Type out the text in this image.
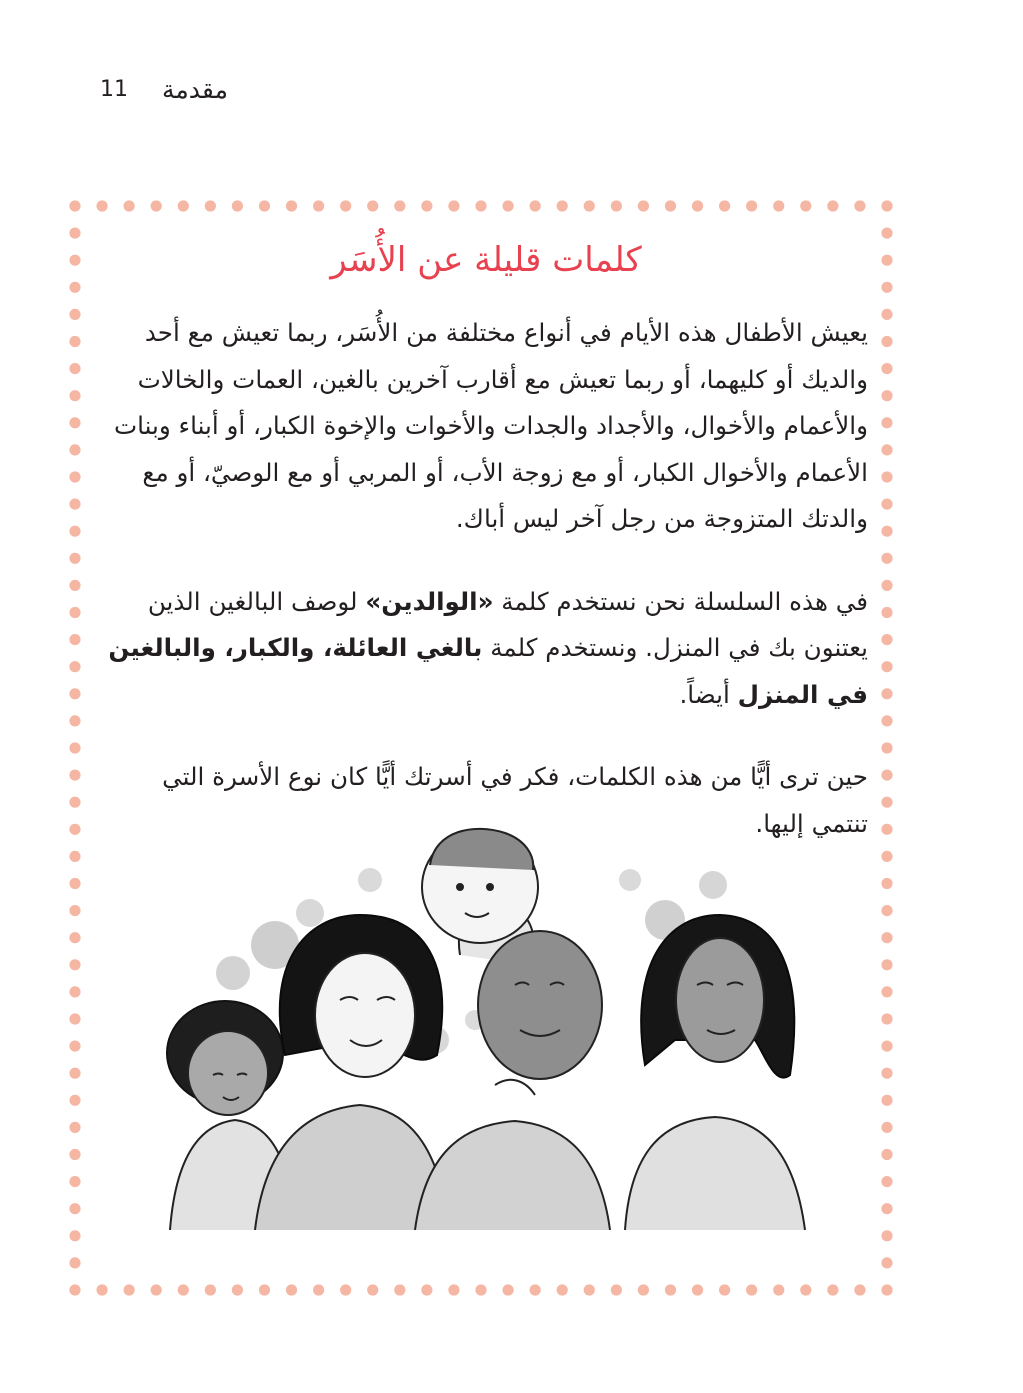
11 مقدمة
كلمات قليلة عن الأُسَر

يعيش الأطفال هذه الأيام في أنواع مختلفة من الأُسَر، ربما تعيش مع أحد والديك أو كليهما، أو ربما تعيش مع أقارب آخرين بالغين، العمات والخالات والأعمام والأخوال، والأجداد والجدات والأخوات والإخوة الكبار، أو أبناء وبنات الأعمام والأخوال الكبار، أو مع زوجة الأب، أو المربي أو مع الوصيّ، أو مع والدتك المتزوجة من رجل آخر ليس أباك.

في هذه السلسلة نحن نستخدم كلمة «الوالدين» لوصف البالغين الذين يعتنون بك في المنزل. ونستخدم كلمة بالغي العائلة، والكبار، والبالغين في المنزل أيضاً.

حين ترى أيًّا من هذه الكلمات، فكر في أسرتك أيًّا كان نوع الأسرة التي تنتمي إليها.
